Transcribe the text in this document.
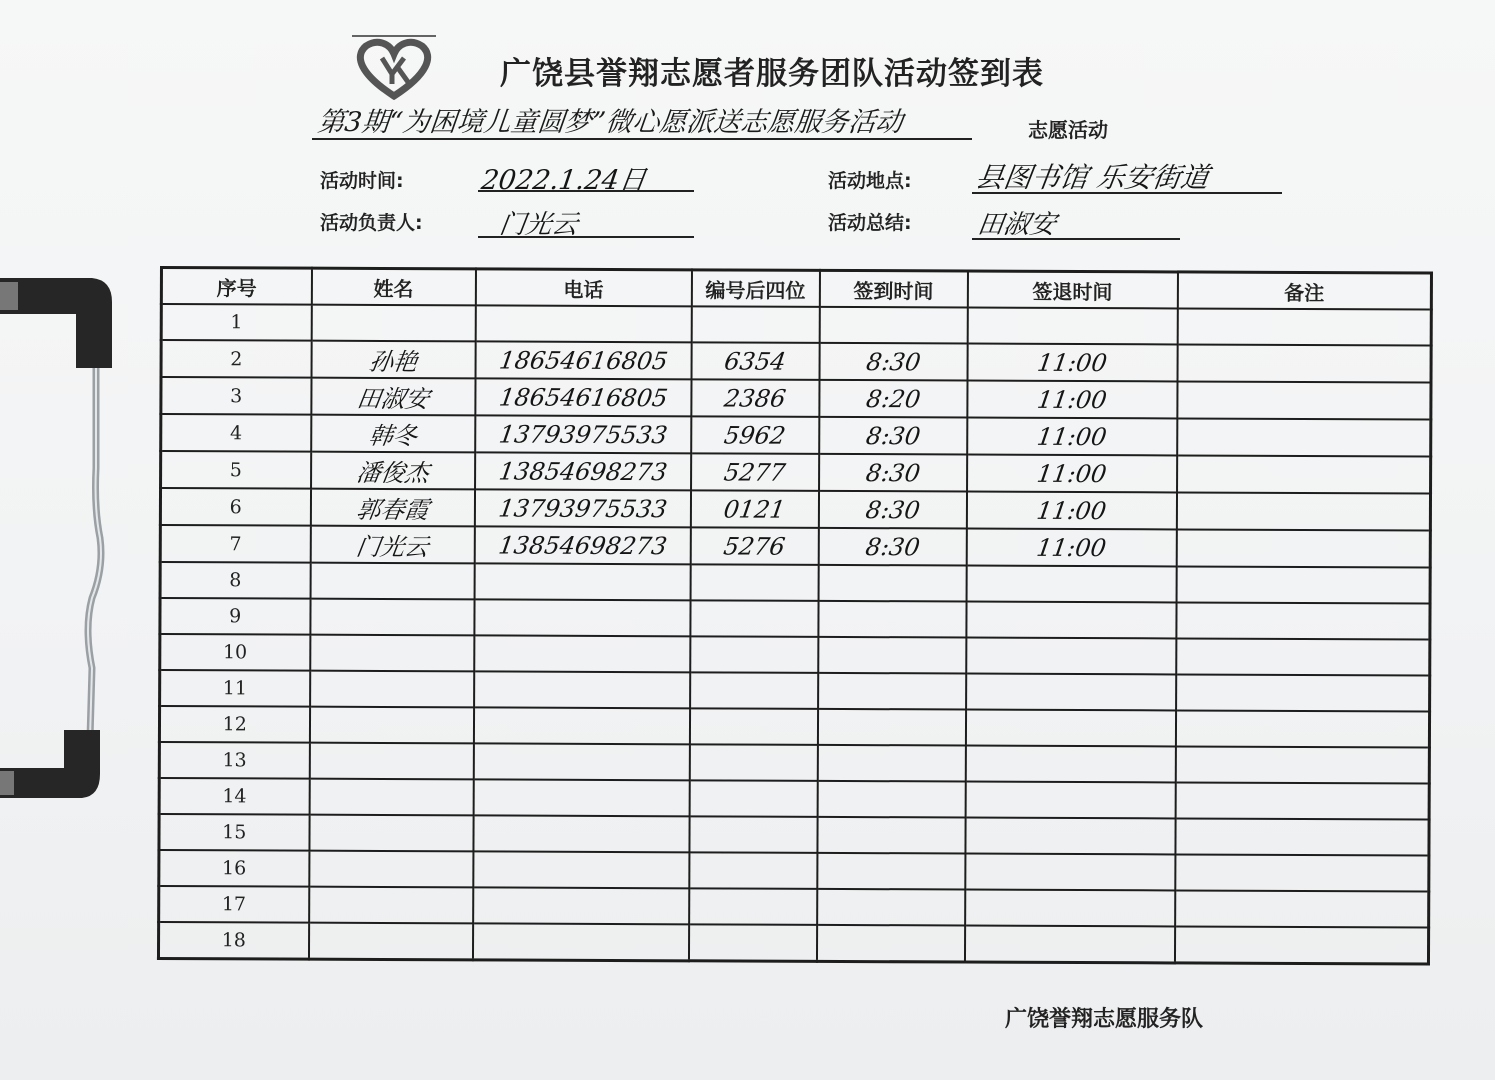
广饶县誉翔志愿者服务团队活动签到表
第3期“为困境儿童圆梦”微心愿派送志愿服务活动	志愿活动
活动时间:	2022.1.24日	活动地点: 县图书馆 乐安街道
活动负责人:	门光云	活动总结: 田淑安
序号	姓名	电话	编号后四位	签到时间	签退时间	备注
1						
2	孙艳	18654616805	6354	8:30	11:00	
3	田淑安	18654616805	2386	8:20	11:00	
4	韩冬	13793975533	5962	8:30	11:00	
5	潘俊杰	13854698273	5277	8:30	11:00	
6	郭春霞	13793975533	0121	8:30	11:00	
7	门光云	13854698273	5276	8:30	11:00	
8						
9						
10						
11						
12						
13						
14						
15						
16						
17						
18						
广饶誉翔志愿服务队
